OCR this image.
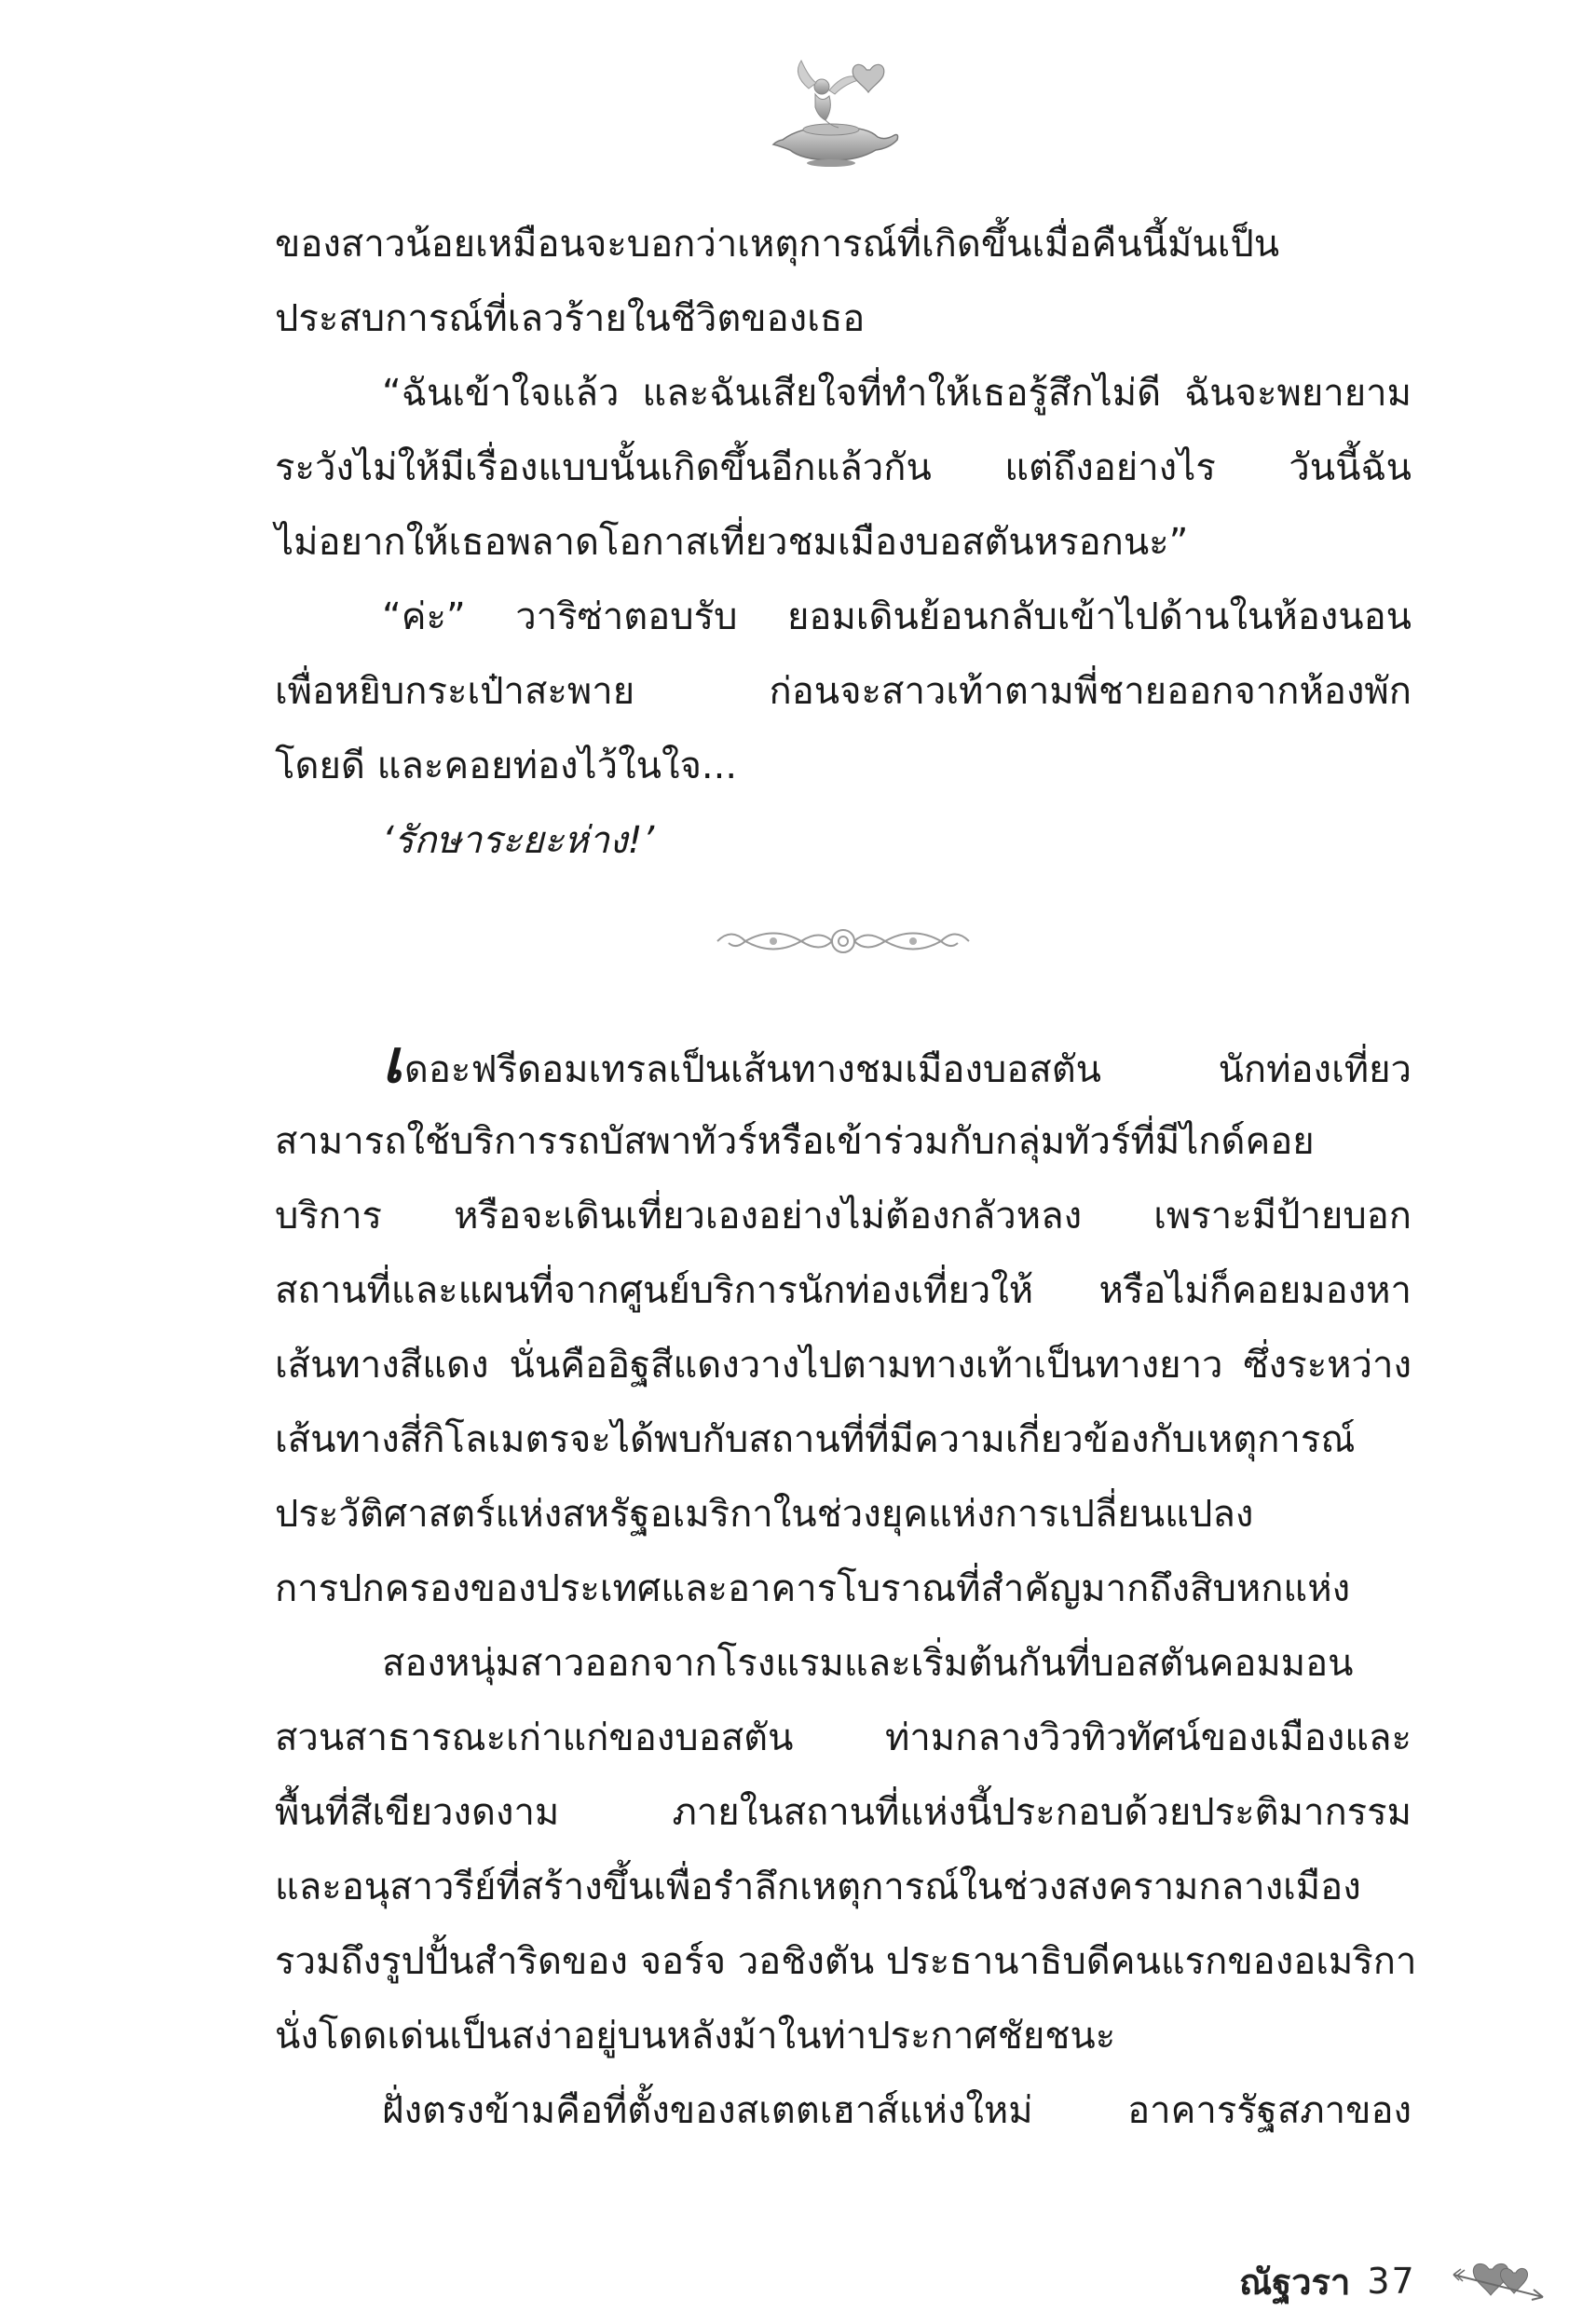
ของสาวน้อยเหมือนจะบอกว่าเหตุการณ์ที่เกิดขึ้นเมื่อคืนนี้มันเป็น
ประสบการณ์ที่เลวร้ายในชีวิตของเธอ
“ฉันเข้าใจแล้ว และฉันเสียใจที่ทำให้เธอรู้สึกไม่ดี ฉันจะพยายาม
ระวังไม่ให้มีเรื่องแบบนั้นเกิดขึ้นอีกแล้วกัน แต่ถึงอย่างไร วันนี้ฉัน
ไม่อยากให้เธอพลาดโอกาสเที่ยวชมเมืองบอสตันหรอกนะ”
“ค่ะ” วาริซ่าตอบรับ ยอมเดินย้อนกลับเข้าไปด้านในห้องนอน
เพื่อหยิบกระเป๋าสะพาย ก่อนจะสาวเท้าตามพี่ชายออกจากห้องพัก
โดยดี และคอยท่องไว้ในใจ...
‘รักษาระยะห่าง!’
เดอะฟรีดอมเทรลเป็นเส้นทางชมเมืองบอสตัน นักท่องเที่ยว
สามารถใช้บริการรถบัสพาทัวร์หรือเข้าร่วมกับกลุ่มทัวร์ที่มีไกด์คอย
บริการ หรือจะเดินเที่ยวเองอย่างไม่ต้องกลัวหลง เพราะมีป้ายบอก
สถานที่และแผนที่จากศูนย์บริการนักท่องเที่ยวให้ หรือไม่ก็คอยมองหา
เส้นทางสีแดง นั่นคืออิฐสีแดงวางไปตามทางเท้าเป็นทางยาว ซึ่งระหว่าง
เส้นทางสี่กิโลเมตรจะได้พบกับสถานที่ที่มีความเกี่ยวข้องกับเหตุการณ์
ประวัติศาสตร์แห่งสหรัฐอเมริกาในช่วงยุคแห่งการเปลี่ยนแปลง
การปกครองของประเทศและอาคารโบราณที่สำคัญมากถึงสิบหกแห่ง
สองหนุ่มสาวออกจากโรงแรมและเริ่มต้นกันที่บอสตันคอมมอน
สวนสาธารณะเก่าแก่ของบอสตัน ท่ามกลางวิวทิวทัศน์ของเมืองและ
พื้นที่สีเขียวงดงาม ภายในสถานที่แห่งนี้ประกอบด้วยประติมากรรม
และอนุสาวรีย์ที่สร้างขึ้นเพื่อรำลึกเหตุการณ์ในช่วงสงครามกลางเมือง
รวมถึงรูปปั้นสำริดของ จอร์จ วอชิงตัน ประธานาธิบดีคนแรกของอเมริกา
นั่งโดดเด่นเป็นสง่าอยู่บนหลังม้าในท่าประกาศชัยชนะ
ฝั่งตรงข้ามคือที่ตั้งของสเตตเฮาส์แห่งใหม่ อาคารรัฐสภาของ
ณัฐวรา 37
